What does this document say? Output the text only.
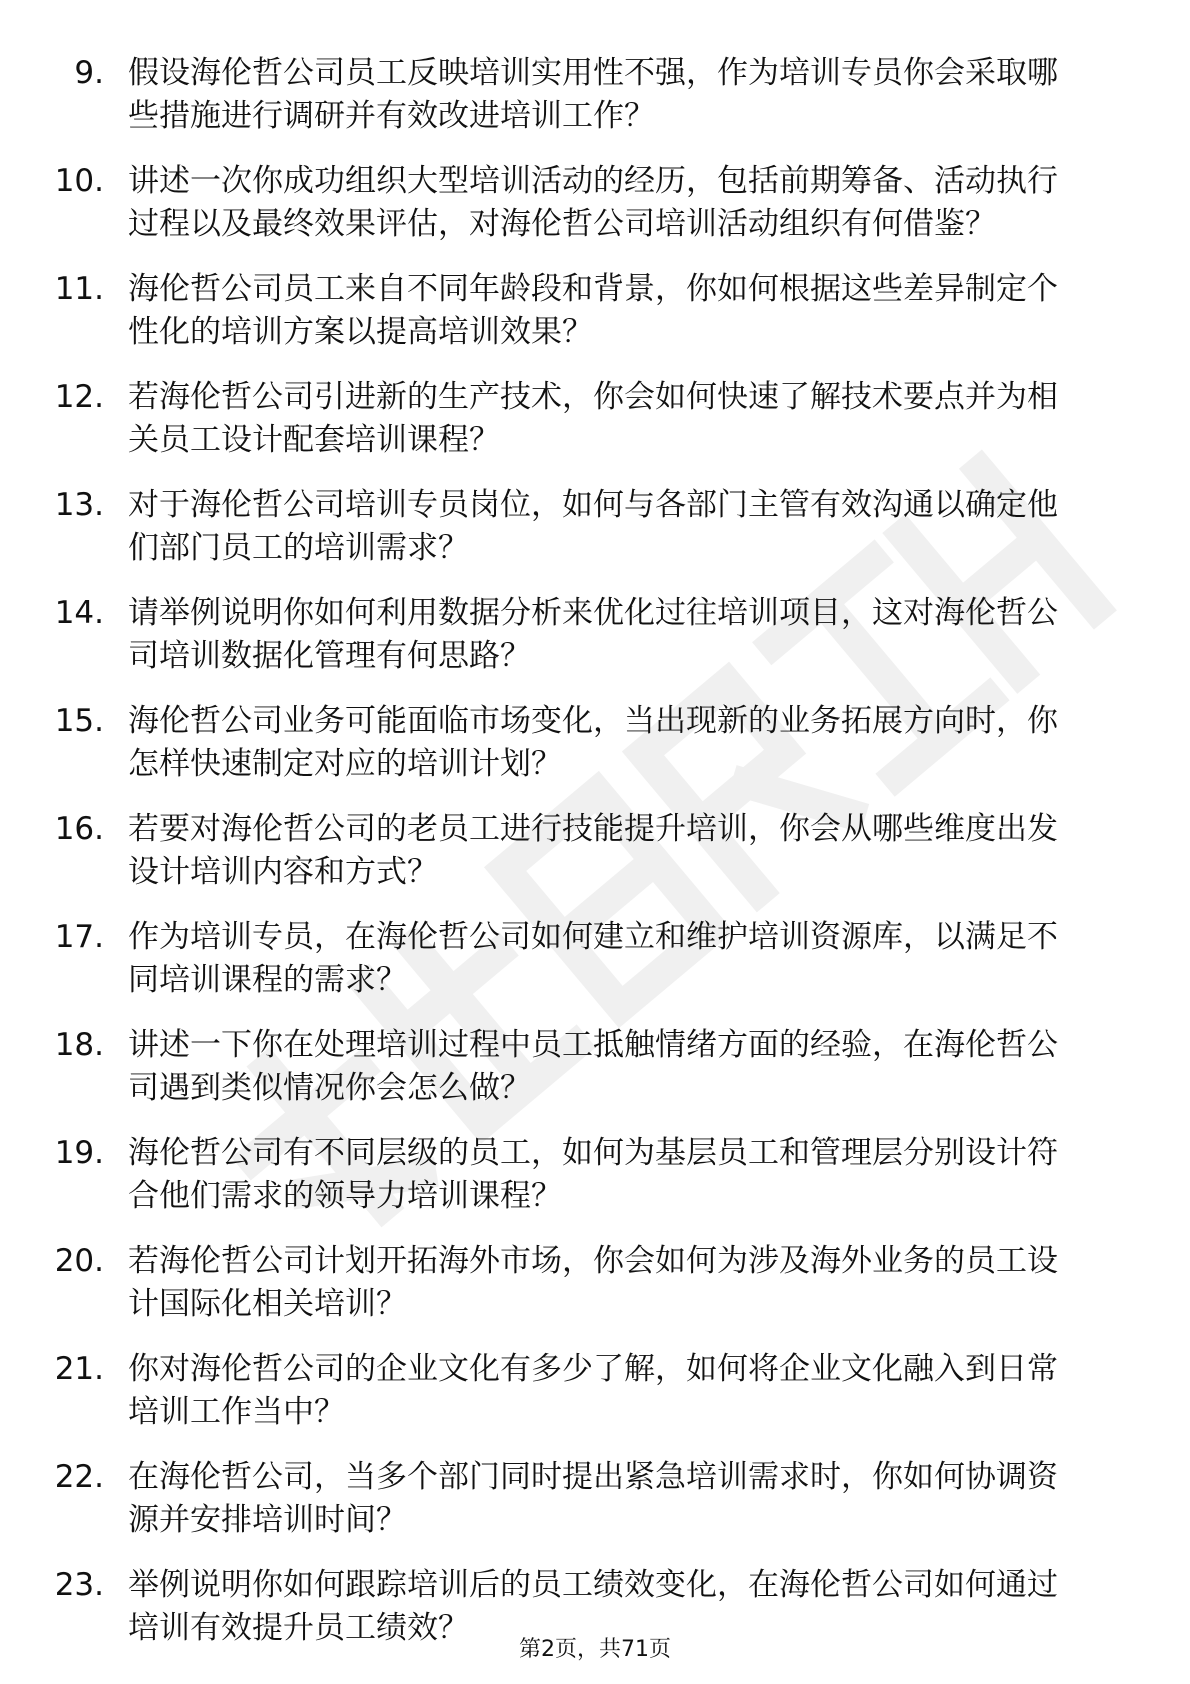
9. 假设海伦哲公司员工反映培训实用性不强，作为培训专员你会采取哪些措施进行调研并有效改进培训工作？
10. 讲述一次你成功组织大型培训活动的经历，包括前期筹备、活动执行过程以及最终效果评估，对海伦哲公司培训活动组织有何借鉴？
11. 海伦哲公司员工来自不同年龄段和背景，你如何根据这些差异制定个性化的培训方案以提高培训效果？
12. 若海伦哲公司引进新的生产技术，你会如何快速了解技术要点并为相关员工设计配套培训课程？
13. 对于海伦哲公司培训专员岗位，如何与各部门主管有效沟通以确定他们部门员工的培训需求？
14. 请举例说明你如何利用数据分析来优化过往培训项目，这对海伦哲公司培训数据化管理有何思路？
15. 海伦哲公司业务可能面临市场变化，当出现新的业务拓展方向时，你怎样快速制定对应的培训计划？
16. 若要对海伦哲公司的老员工进行技能提升培训，你会从哪些维度出发设计培训内容和方式？
17. 作为培训专员，在海伦哲公司如何建立和维护培训资源库，以满足不同培训课程的需求？
18. 讲述一下你在处理培训过程中员工抵触情绪方面的经验，在海伦哲公司遇到类似情况你会怎么做？
19. 海伦哲公司有不同层级的员工，如何为基层员工和管理层分别设计符合他们需求的领导力培训课程？
20. 若海伦哲公司计划开拓海外市场，你会如何为涉及海外业务的员工设计国际化相关培训？
21. 你对海伦哲公司的企业文化有多少了解，如何将企业文化融入到日常培训工作当中？
22. 在海伦哲公司，当多个部门同时提出紧急培训需求时，你如何协调资源并安排培训时间？
23. 举例说明你如何跟踪培训后的员工绩效变化，在海伦哲公司如何通过培训有效提升员工绩效？
第2页，共71页
